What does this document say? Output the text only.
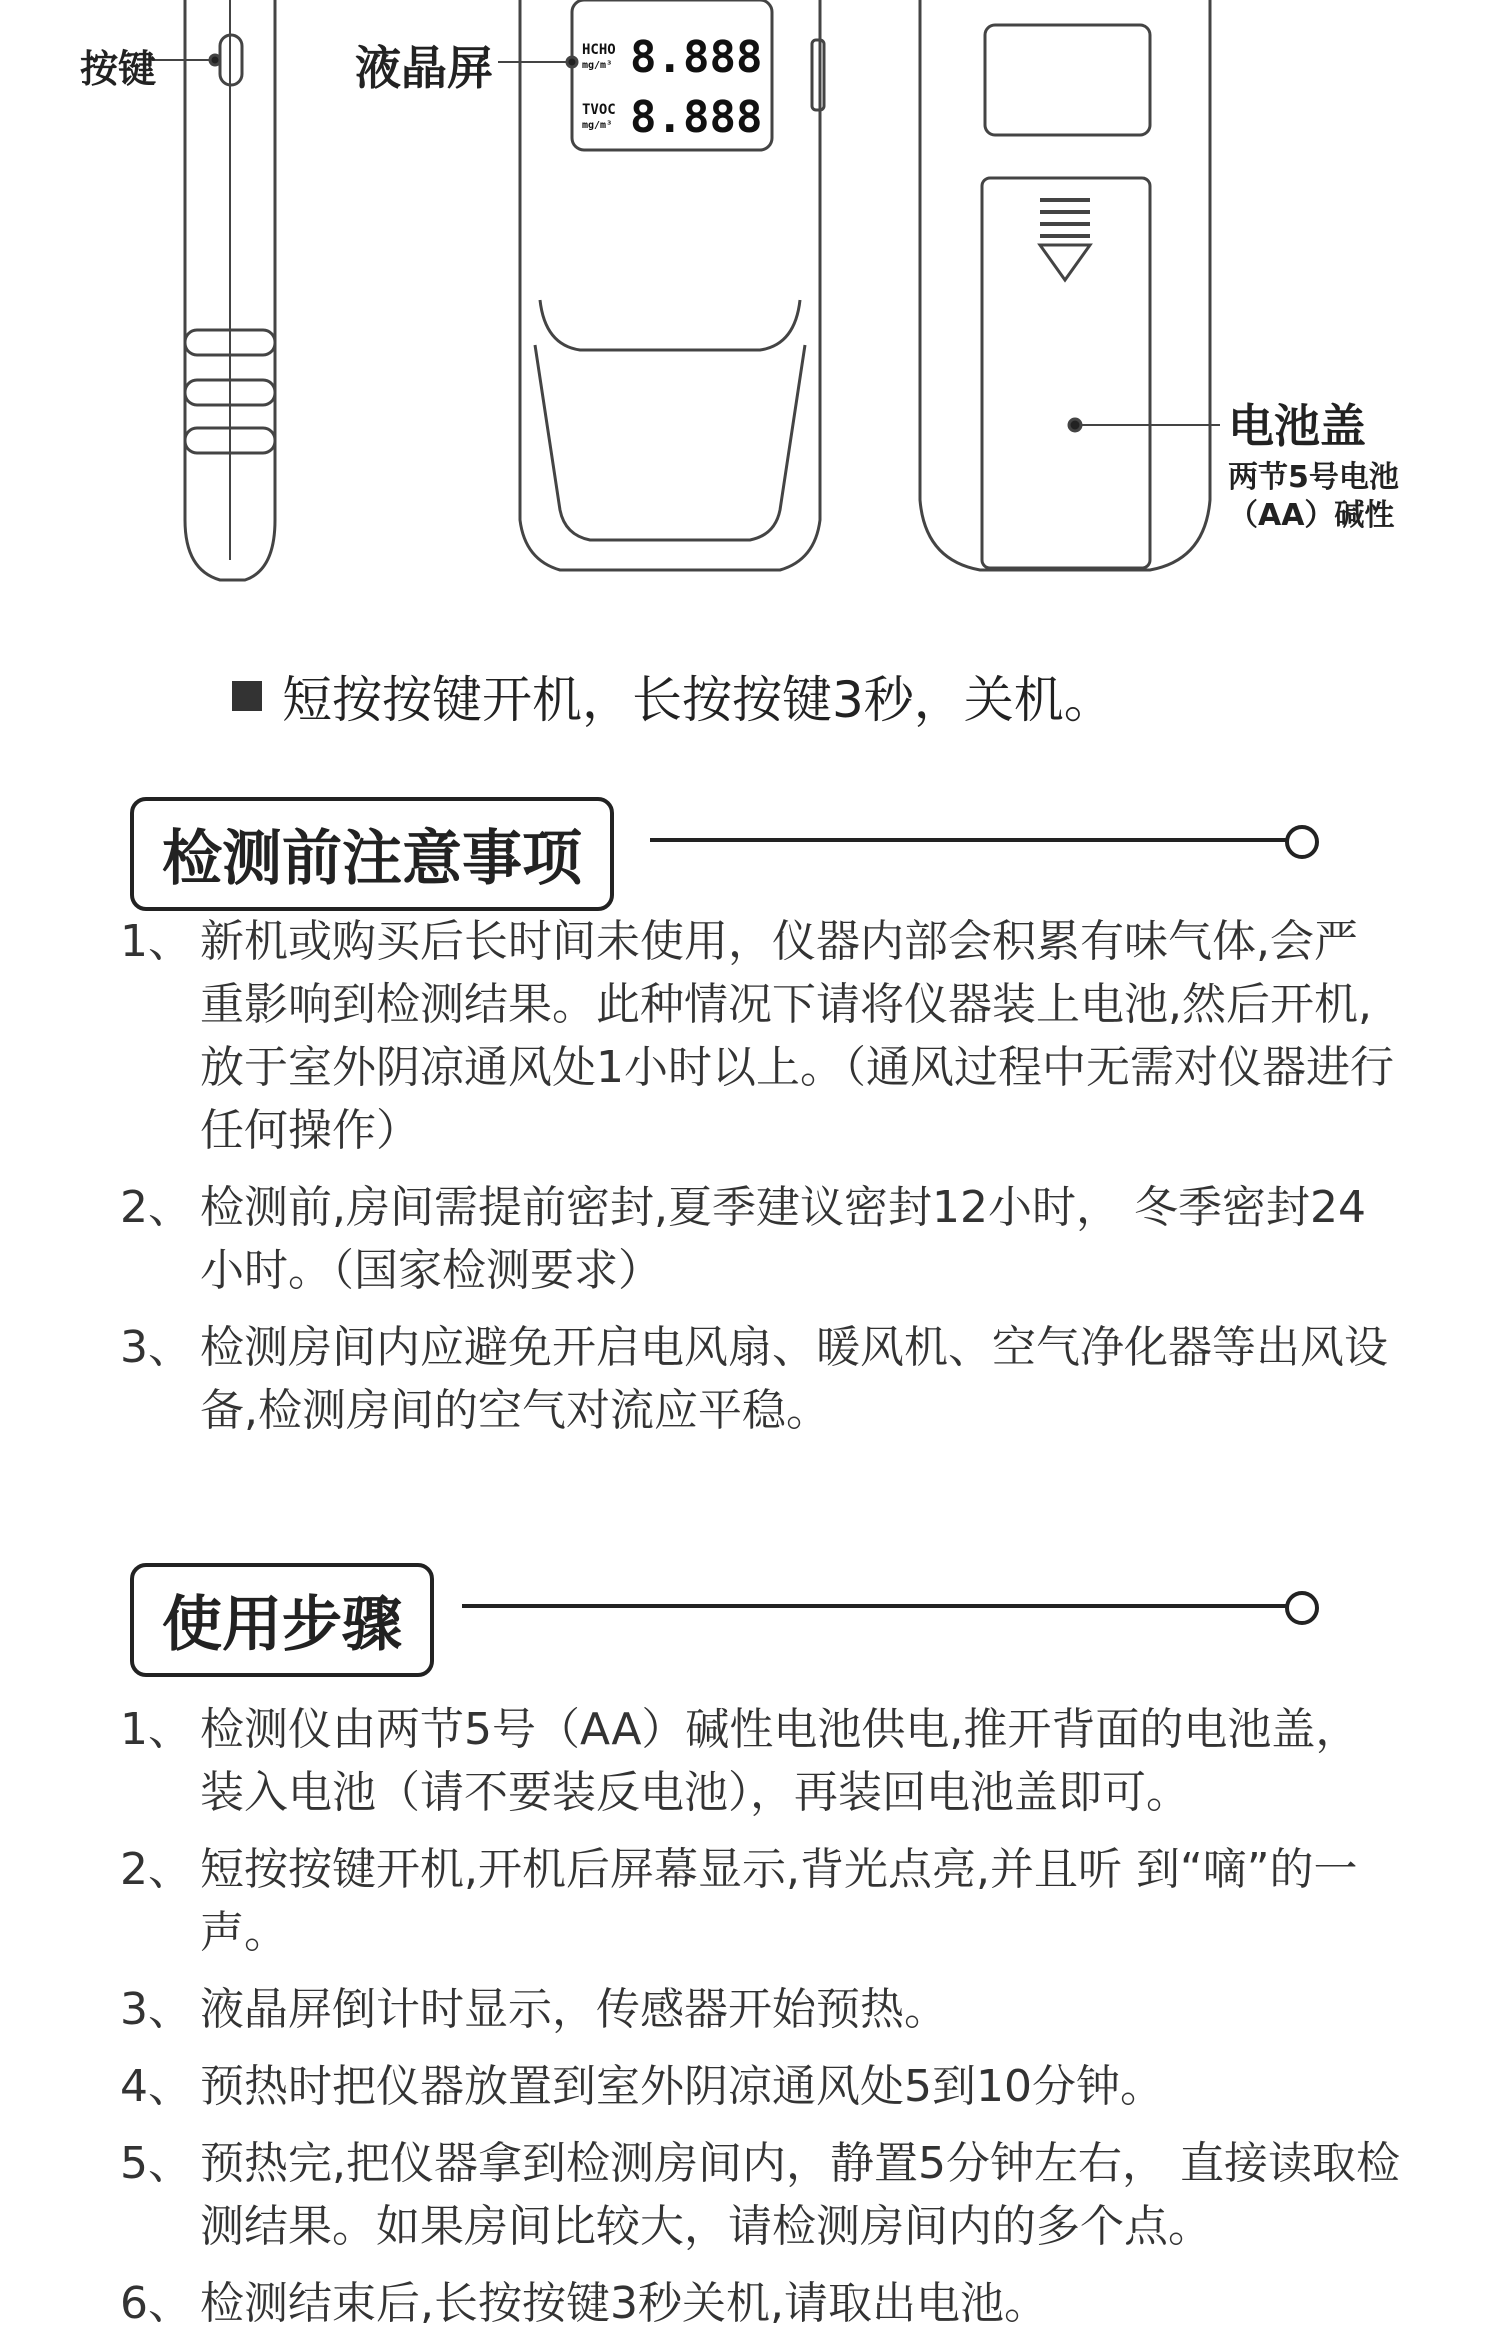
按键	液晶屏	HCHO
mg/m³ 8.888
TVOC
mg/m³ 8.888
电池盖
两节5号电池
（AA）碱性
短按按键开机，长按按键3秒，关机。
检测前注意事项
1、 新机或购买后长时间未使用，仪器内部会积累有味气体,会严重影响到检测结果。此种情况下请将仪器装上电池,然后开机,放于室外阴凉通风处1小时以上。（通风过程中无需对仪器进行任何操作）
2、 检测前,房间需提前密封,夏季建议密封12小时， 冬季密封24小时。（国家检测要求）
3、 检测房间内应避免开启电风扇、暖风机、空气净化器等出风设备,检测房间的空气对流应平稳。
使用步骤
1、 检测仪由两节5号（AA）碱性电池供电,推开背面的电池盖，装入电池（请不要装反电池），再装回电池盖即可。
2、 短按按键开机,开机后屏幕显示,背光点亮,并且听 到“嘀”的一声。
3、 液晶屏倒计时显示，传感器开始预热。
4、 预热时把仪器放置到室外阴凉通风处5到10分钟。
5、 预热完,把仪器拿到检测房间内，静置5分钟左右， 直接读取检测结果。如果房间比较大，请检测房间内的多个点。
6、 检测结束后,长按按键3秒关机,请取出电池。
